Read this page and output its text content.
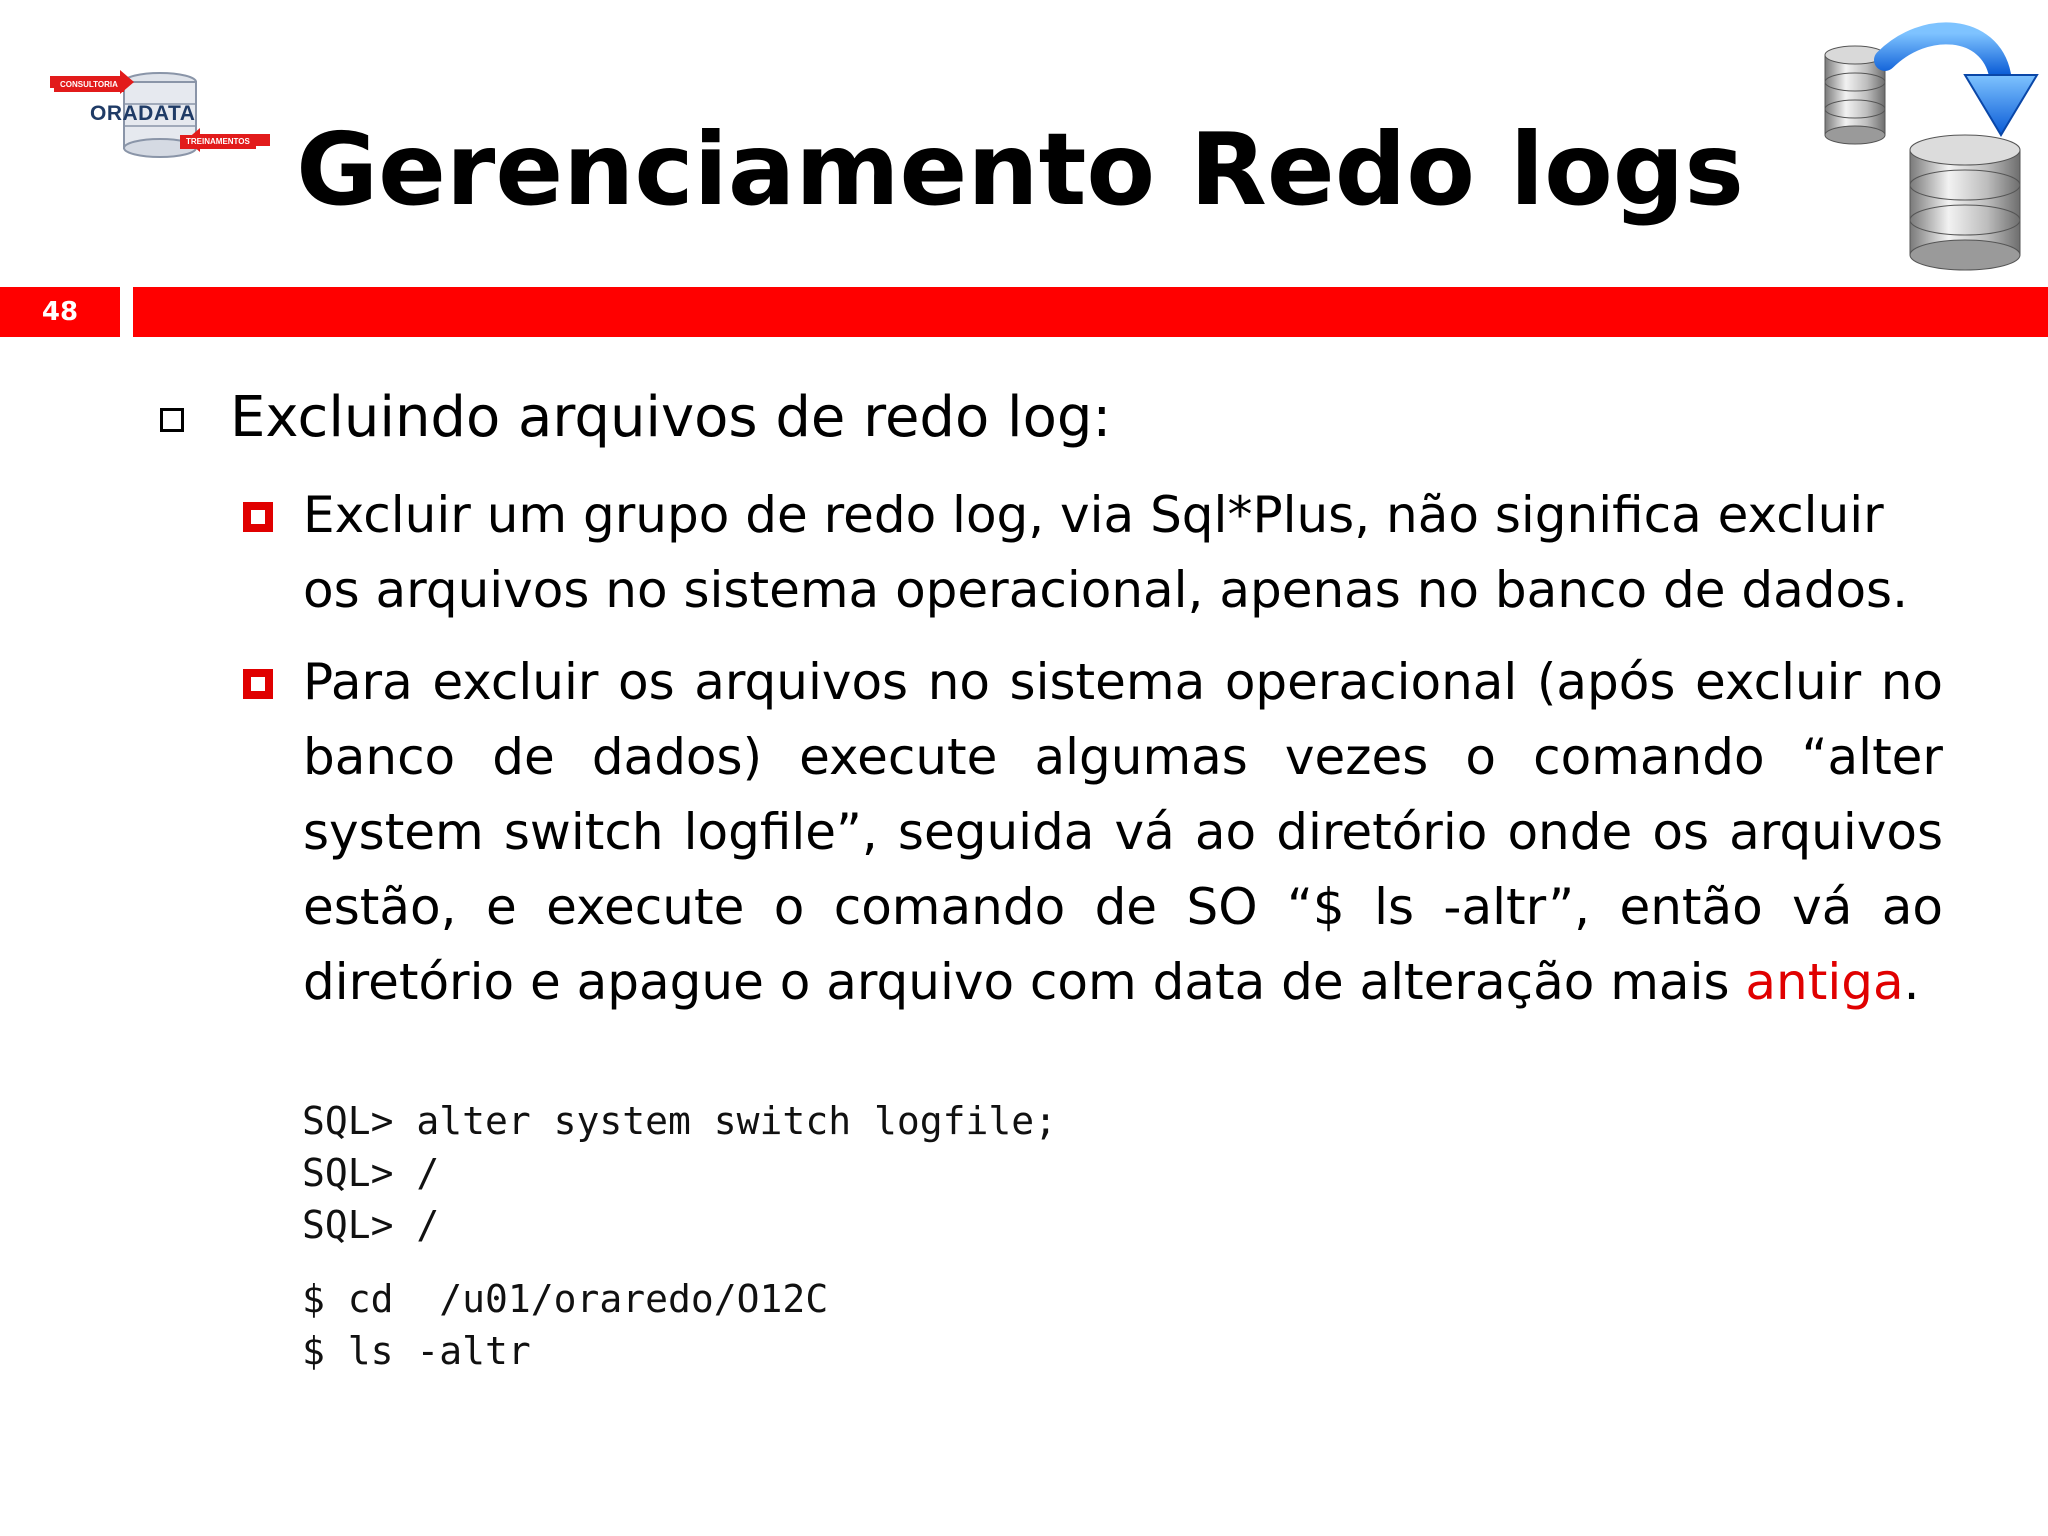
CONSULTORIA
ORADATA
TREINAMENTOS Gerenciamento Redo logs
48
Excluindo arquivos de redo log:
Excluir um grupo de redo log, via Sql*Plus, não significa excluir os arquivos no sistema operacional, apenas no banco de dados.
Para excluir os arquivos no sistema operacional (após excluir no banco de dados) execute algumas vezes o comando “alter system switch logfile”, seguida vá ao diretório onde os arquivos estão, e execute o comando de SO “$ ls -altr”, então vá ao diretório e apague o arquivo com data de alteração mais antiga.
SQL> alter system switch logfile;
SQL> /
SQL> /
$ cd  /u01/oraredo/O12C
$ ls -altr
